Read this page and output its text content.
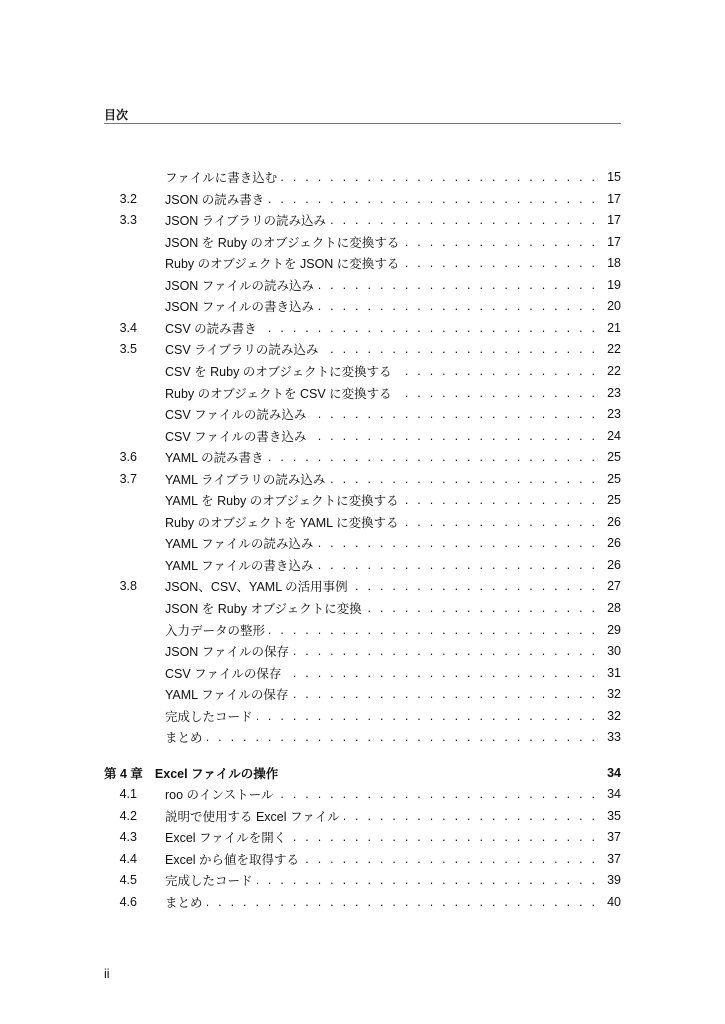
目次
ファイルに書き込む . . .	15
3.2 JSON の読み書き . . .	17
3.3 JSON ライブラリの読み込み . . .	17
JSON を Ruby のオブジェクトに変換する . . .	17
Ruby のオブジェクトを JSON に変換する . . .	18
JSON ファイルの読み込み . . .	19
JSON ファイルの書き込み . . .	20
3.4 CSV の読み書き . . .	21
3.5 CSV ライブラリの読み込み . . .	22
CSV を Ruby のオブジェクトに変換する . . .	22
Ruby のオブジェクトを CSV に変換する . . .	23
CSV ファイルの読み込み . . .	23
CSV ファイルの書き込み . . .	24
3.6 YAML の読み書き . . .	25
3.7 YAML ライブラリの読み込み . . .	25
YAML を Ruby のオブジェクトに変換する . . .	25
Ruby のオブジェクトを YAML に変換する . . .	26
YAML ファイルの読み込み . . .	26
YAML ファイルの書き込み . . .	26
3.8 JSON、CSV、YAML の活用事例 . . .	27
JSON を Ruby オブジェクトに変換 . . .	28
入力データの整形 . . .	29
JSON ファイルの保存 . . .	30
CSV ファイルの保存 . . .	31
YAML ファイルの保存 . . .	32
完成したコード . . .	32
まとめ . . .	33
第 4 章 Excel ファイルの操作	34
4.1 roo のインストール . . .	34
4.2 説明で使用する Excel ファイル . . .	35
4.3 Excel ファイルを開く . . .	37
4.4 Excel から値を取得する . . .	37
4.5 完成したコード . . .	39
4.6 まとめ . . .	40
ii
